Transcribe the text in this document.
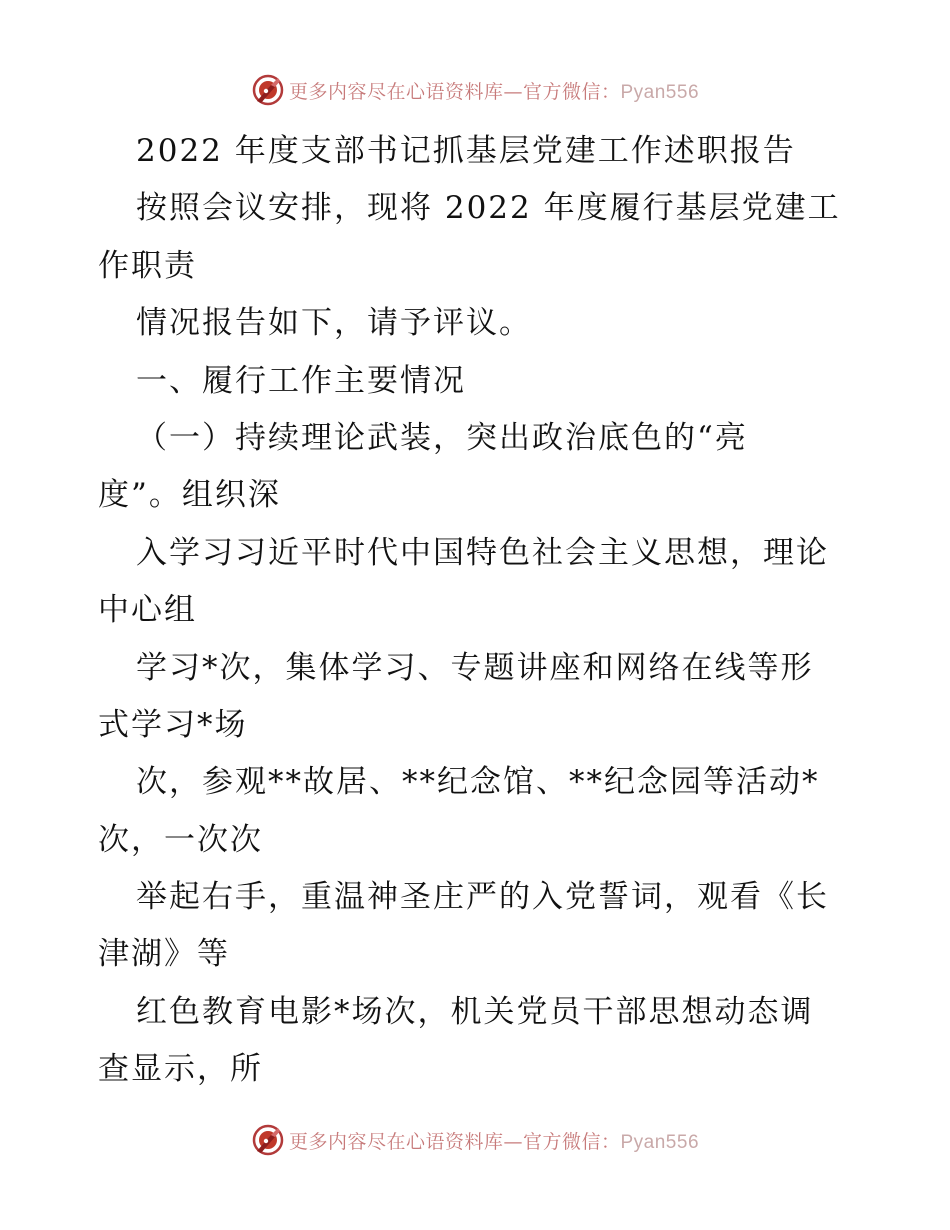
更多内容尽在心语资料库—官方微信：Pyan556
2022 年度支部书记抓基层党建工作述职报告
按照会议安排，现将 2022 年度履行基层党建工
作职责
情况报告如下，请予评议。
一、履行工作主要情况
（一）持续理论武装，突出政治底色的“亮
度”。组织深
入学习习近平时代中国特色社会主义思想，理论
中心组
学习*次，集体学习、专题讲座和网络在线等形
式学习*场
次，参观**故居、**纪念馆、**纪念园等活动*
次，一次次
举起右手，重温神圣庄严的入党誓词，观看《长
津湖》等
红色教育电影*场次，机关党员干部思想动态调
查显示，所
更多内容尽在心语资料库—官方微信：Pyan556
